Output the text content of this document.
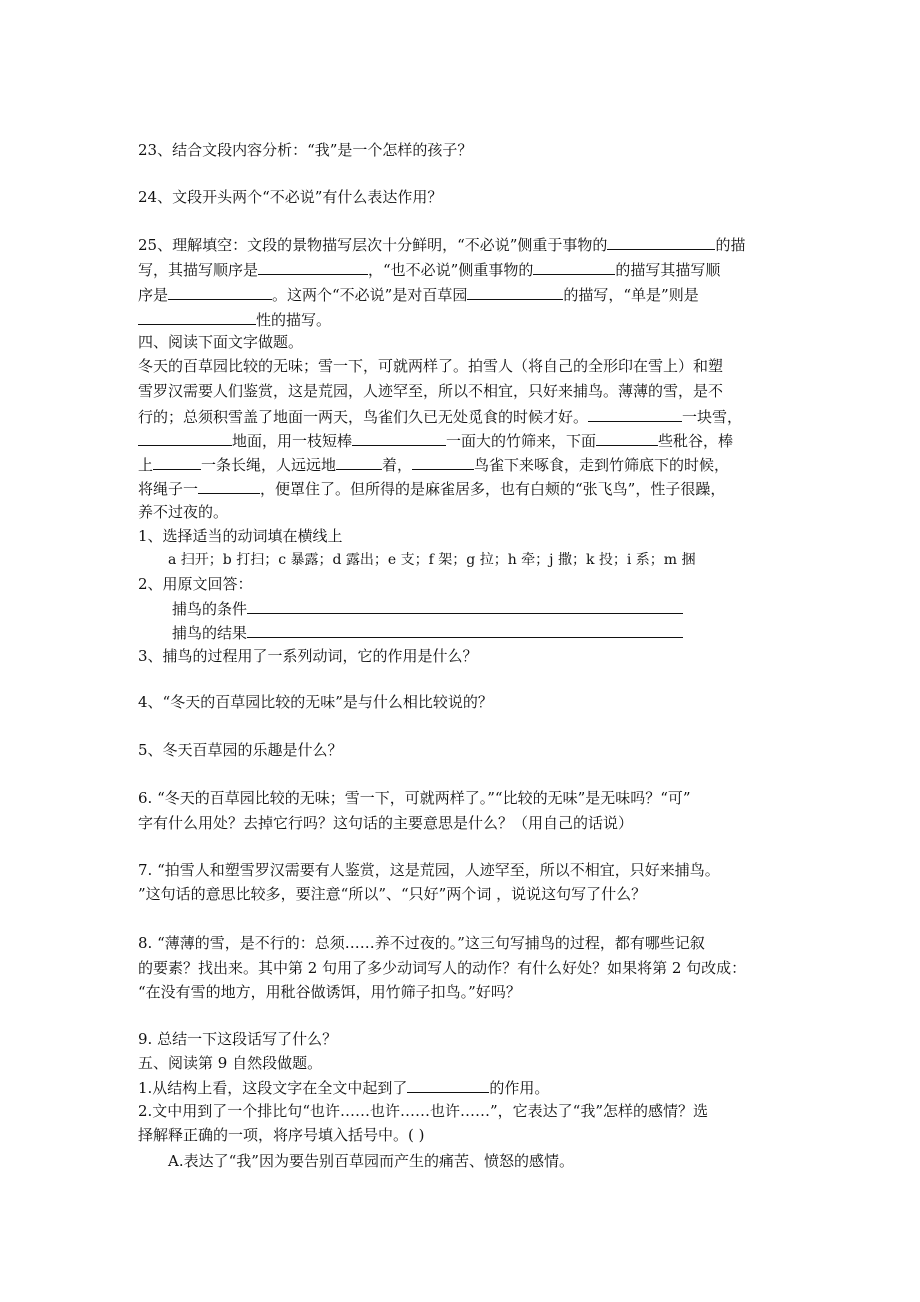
23、结合文段内容分析：“我”是一个怎样的孩子？
24、文段开头两个“不必说”有什么表达作用？
25、理解填空：文段的景物描写层次十分鲜明，“不必说”侧重于事物的	的描
写，其描写顺序是	，“也不必说”侧重事物的	的描写其描写顺
序是	。这两个“不必说”是对百草园	的描写，“单是”则是
性的描写。
四、阅读下面文字做题。
冬天的百草园比较的无味；雪一下，可就两样了。拍雪人（将自己的全形印在雪上）和塑
雪罗汉需要人们鉴赏，这是荒园，人迹罕至，所以不相宜，只好来捕鸟。薄薄的雪，是不
行的；总须积雪盖了地面一两天，鸟雀们久已无处觅食的时候才好。	一块雪，
地面，用一枝短棒	一面大的竹筛来，下面	些秕谷，棒
上	一条长绳，人远远地	着，	鸟雀下来啄食，走到竹筛底下的时候，
将绳子一	，便罩住了。但所得的是麻雀居多，也有白颊的“张飞鸟”，性子很躁，
养不过夜的。
1、选择适当的动词填在横线上
a 扫开；b 打扫；c 暴露；d 露出；e 支；f 架；g 拉；h 牵；j 撒；k 投；i 系；m 捆
2、用原文回答：
捕鸟的条件
捕鸟的结果
3、捕鸟的过程用了一系列动词，它的作用是什么？
4、“冬天的百草园比较的无味”是与什么相比较说的？
5、冬天百草园的乐趣是什么？
6. “冬天的百草园比较的无味；雪一下，可就两样了。”“比较的无味”是无味吗？“可”
字有什么用处？去掉它行吗？这句话的主要意思是什么？（用自己的话说）
7. “拍雪人和塑雪罗汉需要有人鉴赏，这是荒园，人迹罕至，所以不相宜，只好来捕鸟。
”这句话的意思比较多，要注意“所以”、“只好”两个词 ，说说这句写了什么？
8. “薄薄的雪，是不行的：总须……养不过夜的。”这三句写捕鸟的过程，都有哪些记叙
的要素？找出来。其中第 2 句用了多少动词写人的动作？有什么好处？如果将第 2 句改成：
“在没有雪的地方，用秕谷做诱饵，用竹筛子扣鸟。”好吗？
9. 总结一下这段话写了什么？
五、阅读第 9 自然段做题。
1.从结构上看，这段文字在全文中起到了	的作用。
2.文中用到了一个排比句“也许……也许……也许……”，它表达了“我”怎样的感情？选
择解释正确的一项，将序号填入括号中。( )
A.表达了“我”因为要告别百草园而产生的痛苦、愤怒的感情。
